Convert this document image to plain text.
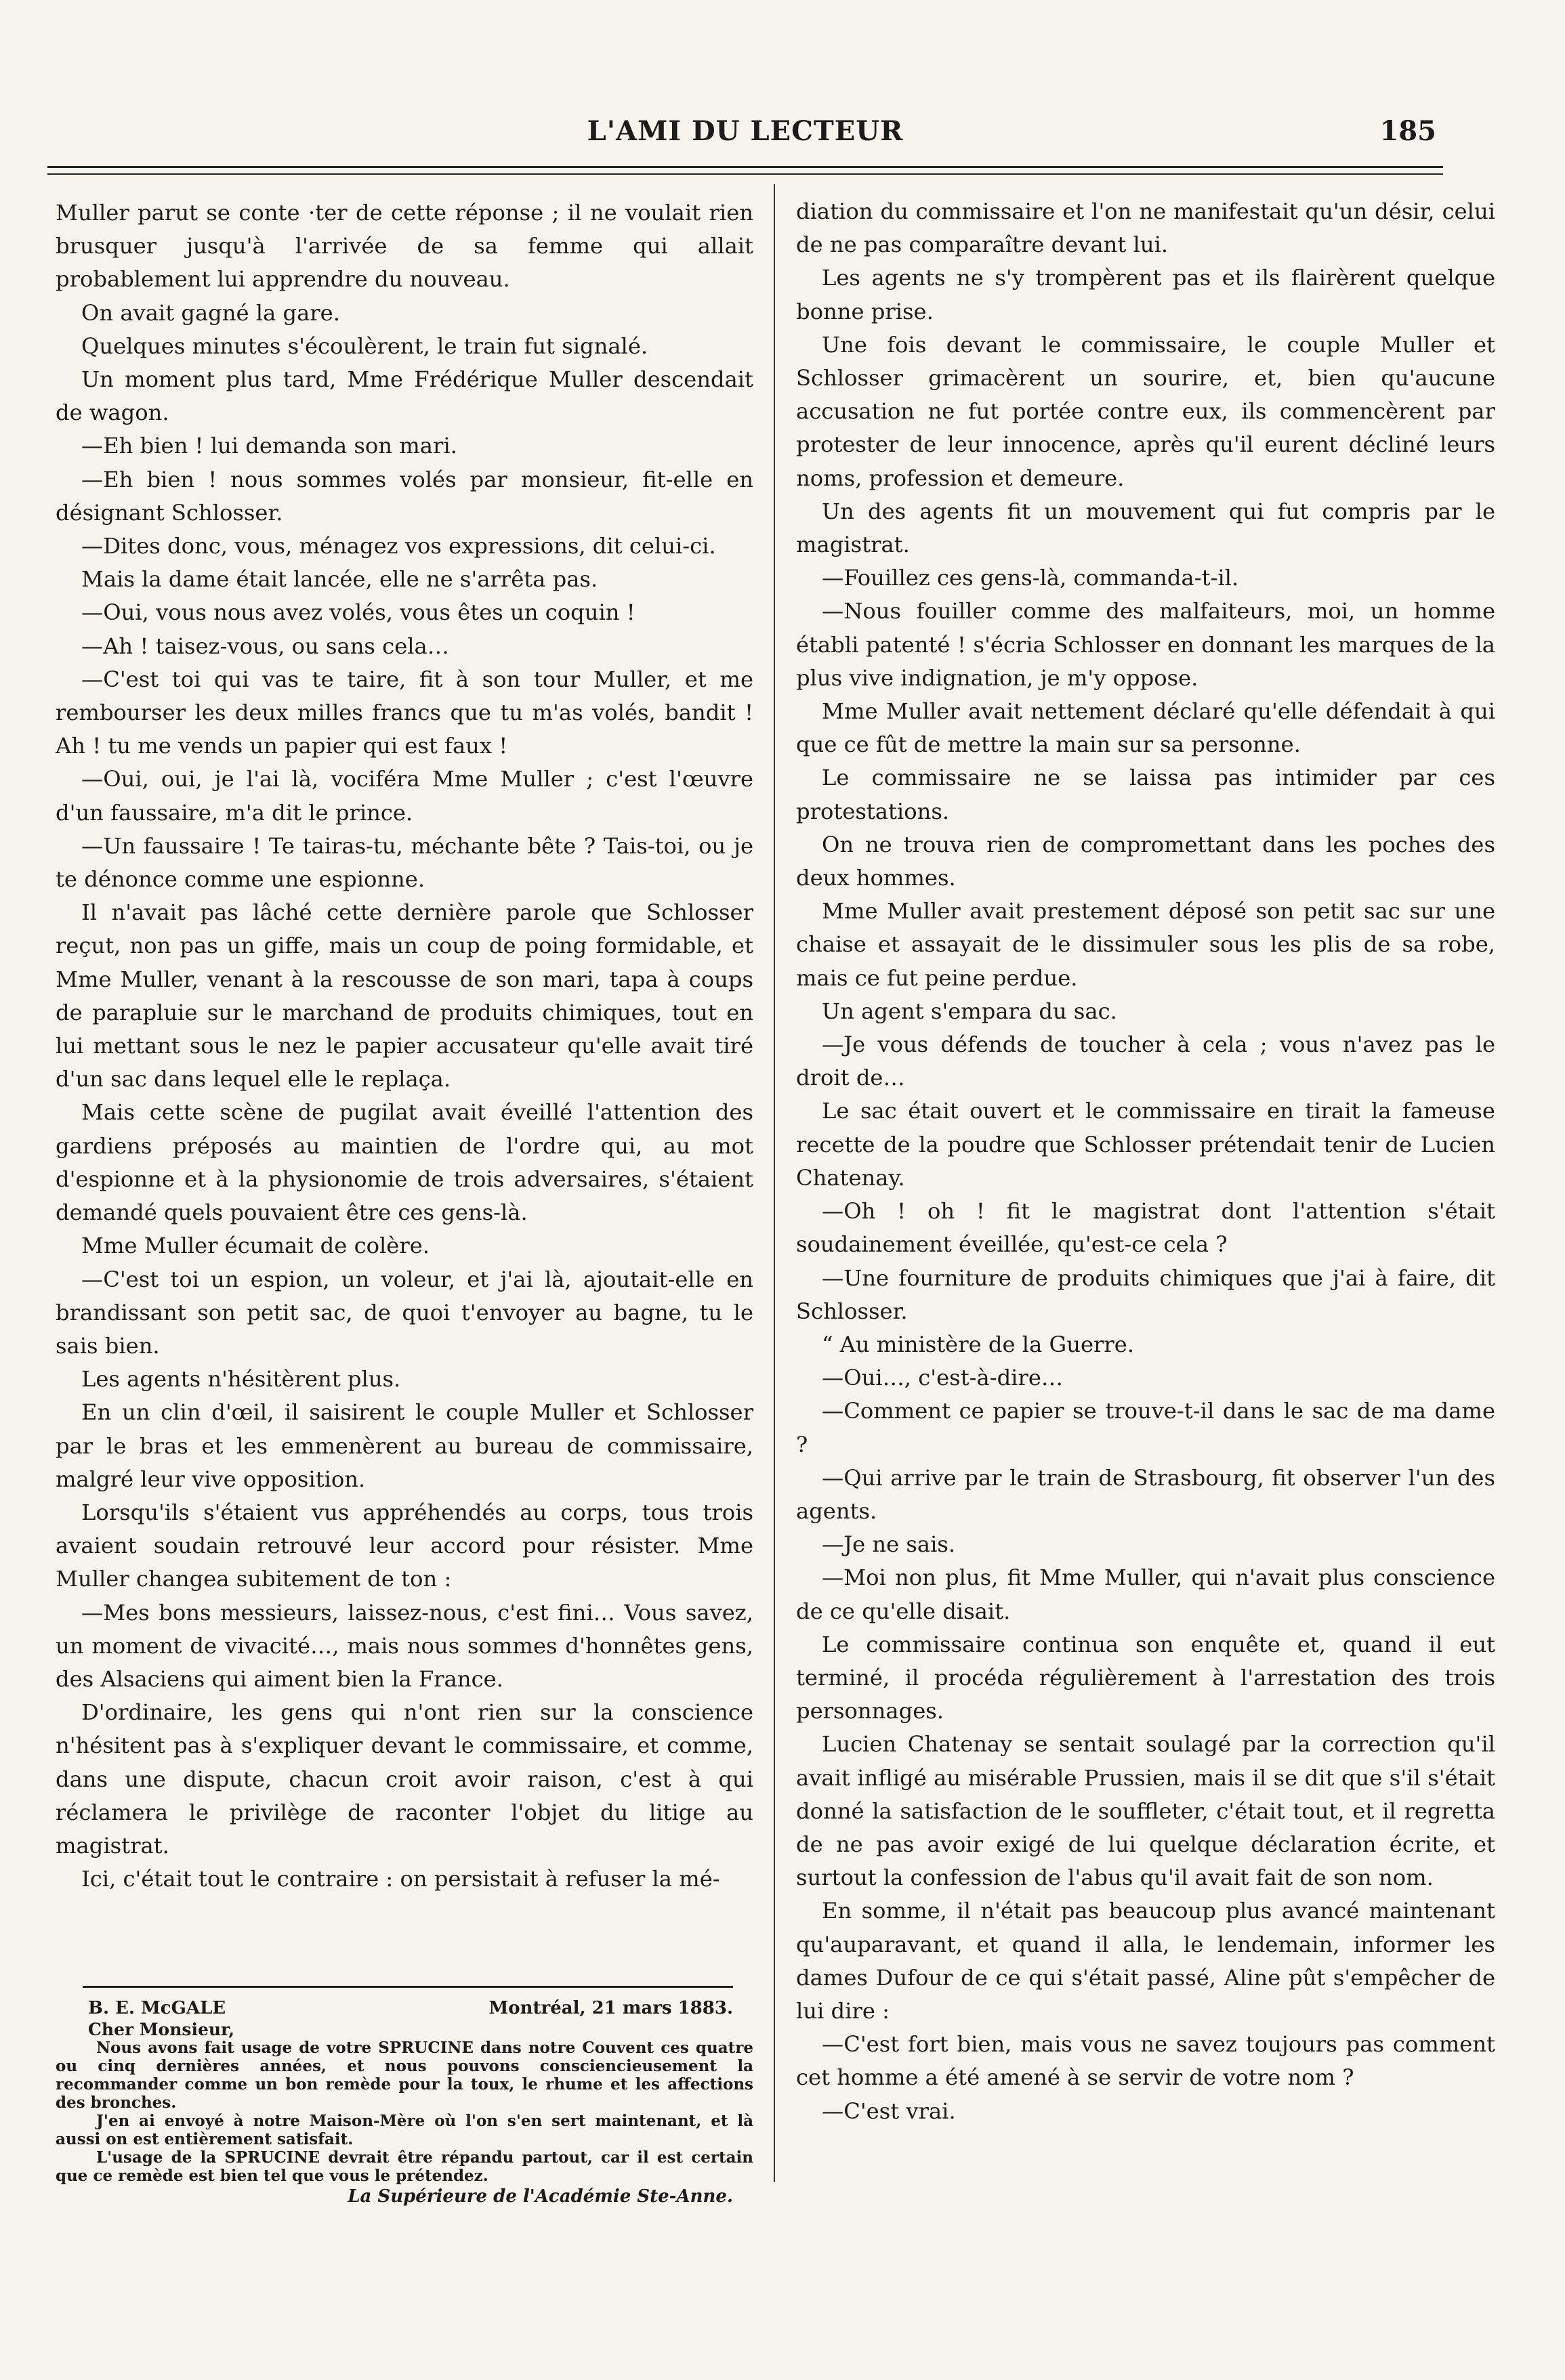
L'AMI DU LECTEUR	185

Muller parut se conte ·ter de cette réponse ; il ne voulait rien brusquer jusqu'à l'arrivée de sa femme qui allait probablement lui apprendre du nouveau.

On avait gagné la gare.

Quelques minutes s'écoulèrent, le train fut signalé.

Un moment plus tard, Mme Frédérique Muller descendait de wagon.

—Eh bien ! lui demanda son mari.

—Eh bien ! nous sommes volés par monsieur, fit-elle en désignant Schlosser.

—Dites donc, vous, ménagez vos expressions, dit celui-ci.

Mais la dame était lancée, elle ne s'arrêta pas.

—Oui, vous nous avez volés, vous êtes un coquin !

—Ah ! taisez-vous, ou sans cela…

—C'est toi qui vas te taire, fit à son tour Muller, et me rembourser les deux milles francs que tu m'as volés, bandit ! Ah ! tu me vends un papier qui est faux !

—Oui, oui, je l'ai là, vociféra Mme Muller ; c'est l'œuvre d'un faussaire, m'a dit le prince.

—Un faussaire ! Te tairas-tu, méchante bête ? Tais-toi, ou je te dénonce comme une espionne.

Il n'avait pas lâché cette dernière parole que Schlosser reçut, non pas un giffe, mais un coup de poing formidable, et Mme Muller, venant à la rescousse de son mari, tapa à coups de parapluie sur le marchand de produits chimiques, tout en lui mettant sous le nez le papier accusateur qu'elle avait tiré d'un sac dans lequel elle le replaça.

Mais cette scène de pugilat avait éveillé l'attention des gardiens préposés au maintien de l'ordre qui, au mot d'espionne et à la physionomie de trois adversaires, s'étaient demandé quels pouvaient être ces gens-là.

Mme Muller écumait de colère.

—C'est toi un espion, un voleur, et j'ai là, ajoutait-elle en brandissant son petit sac, de quoi t'envoyer au bagne, tu le sais bien.

Les agents n'hésitèrent plus.

En un clin d'œil, il saisirent le couple Muller et Schlosser par le bras et les emmenèrent au bureau de commissaire, malgré leur vive opposition.

Lorsqu'ils s'étaient vus appréhendés au corps, tous trois avaient soudain retrouvé leur accord pour résister. Mme Muller changea subitement de ton :

—Mes bons messieurs, laissez-nous, c'est fini… Vous savez, un moment de vivacité…, mais nous sommes d'honnêtes gens, des Alsaciens qui aiment bien la France.

D'ordinaire, les gens qui n'ont rien sur la conscience n'hésitent pas à s'expliquer devant le commissaire, et comme, dans une dispute, chacun croit avoir raison, c'est à qui réclamera le privilège de raconter l'objet du litige au magistrat.

Ici, c'était tout le contraire : on persistait à refuser la mé-

diation du commissaire et l'on ne manifestait qu'un désir, celui de ne pas comparaître devant lui.

Les agents ne s'y trompèrent pas et ils flairèrent quelque bonne prise.

Une fois devant le commissaire, le couple Muller et Schlosser grimacèrent un sourire, et, bien qu'aucune accusation ne fut portée contre eux, ils commencèrent par protester de leur innocence, après qu'il eurent décliné leurs noms, profession et demeure.

Un des agents fit un mouvement qui fut compris par le magistrat.

—Fouillez ces gens-là, commanda-t-il.

—Nous fouiller comme des malfaiteurs, moi, un homme établi patenté ! s'écria Schlosser en donnant les marques de la plus vive indignation, je m'y oppose.

Mme Muller avait nettement déclaré qu'elle défendait à qui que ce fût de mettre la main sur sa personne.

Le commissaire ne se laissa pas intimider par ces protestations.

On ne trouva rien de compromettant dans les poches des deux hommes.

Mme Muller avait prestement déposé son petit sac sur une chaise et assayait de le dissimuler sous les plis de sa robe, mais ce fut peine perdue.

Un agent s'empara du sac.

—Je vous défends de toucher à cela ; vous n'avez pas le droit de…

Le sac était ouvert et le commissaire en tirait la fameuse recette de la poudre que Schlosser prétendait tenir de Lucien Chatenay.

—Oh ! oh ! fit le magistrat dont l'attention s'était soudainement éveillée, qu'est-ce cela ?

—Une fourniture de produits chimiques que j'ai à faire, dit Schlosser.

“ Au ministère de la Guerre.

—Oui…, c'est-à-dire…

—Comment ce papier se trouve-t-il dans le sac de ma dame ?

—Qui arrive par le train de Strasbourg, fit observer l'un des agents.

—Je ne sais.

—Moi non plus, fit Mme Muller, qui n'avait plus conscience de ce qu'elle disait.

Le commissaire continua son enquête et, quand il eut terminé, il procéda régulièrement à l'arrestation des trois personnages.

Lucien Chatenay se sentait soulagé par la correction qu'il avait infligé au misérable Prussien, mais il se dit que s'il s'était donné la satisfaction de le souffleter, c'était tout, et il regretta de ne pas avoir exigé de lui quelque déclaration écrite, et surtout la confession de l'abus qu'il avait fait de son nom.

En somme, il n'était pas beaucoup plus avancé maintenant qu'auparavant, et quand il alla, le lendemain, informer les dames Dufour de ce qui s'était passé, Aline pût s'empêcher de lui dire :

—C'est fort bien, mais vous ne savez toujours pas comment cet homme a été amené à se servir de votre nom ?

—C'est vrai.

B. E. McGALE	Montréal, 21 mars 1883.
Cher Monsieur,

Nous avons fait usage de votre SPRUCINE dans notre Couvent ces quatre ou cinq dernières années, et nous pouvons consciencieusement la recommander comme un bon remède pour la toux, le rhume et les affections des bronches.

J'en ai envoyé à notre Maison-Mère où l'on s'en sert maintenant, et là aussi on est entièrement satisfait.

L'usage de la SPRUCINE devrait être répandu partout, car il est certain que ce remède est bien tel que vous le prétendez.

La Supérieure de l'Académie Ste-Anne.
